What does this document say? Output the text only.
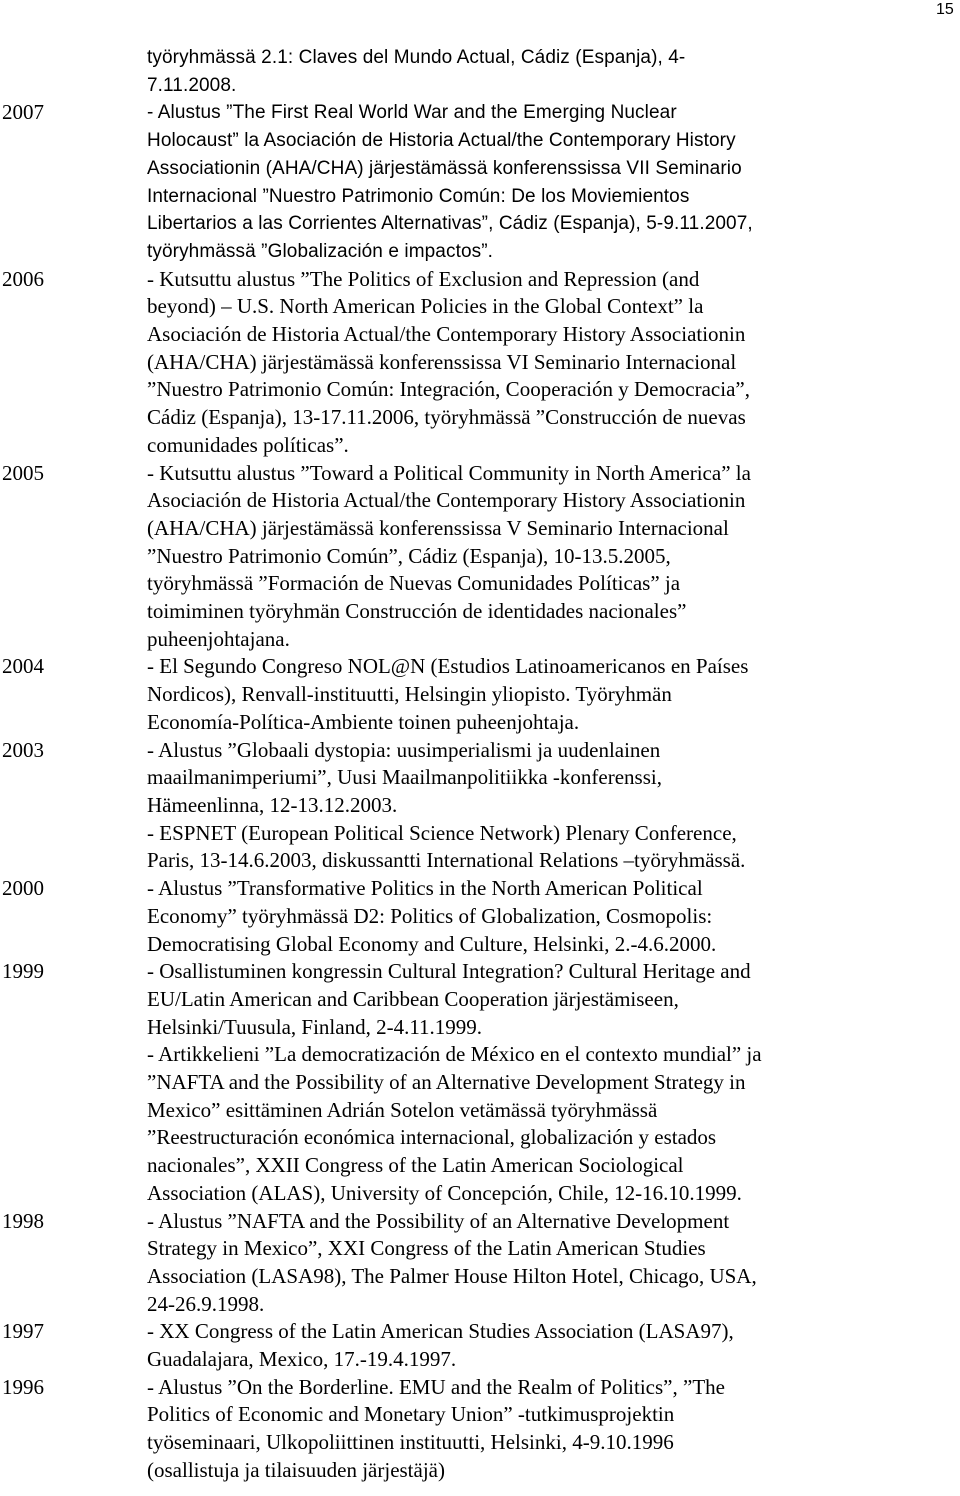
15
työryhmässä 2.1: Claves del Mundo Actual, Cádiz (Espanja), 4-
7.11.2008.
2007	- Alustus ”The First Real World War and the Emerging Nuclear
Holocaust” la Asociación de Historia Actual/the Contemporary History
Associationin (AHA/CHA) järjestämässä konferenssissa VII Seminario
Internacional ”Nuestro Patrimonio Común: De los Moviemientos
Libertarios a las Corrientes Alternativas”, Cádiz (Espanja), 5-9.11.2007,
työryhmässä ”Globalización e impactos”.
2006	- Kutsuttu alustus ”The Politics of Exclusion and Repression (and
beyond) – U.S. North American Policies in the Global Context” la
Asociación de Historia Actual/the Contemporary History Associationin
(AHA/CHA) järjestämässä konferenssissa VI Seminario Internacional
”Nuestro Patrimonio Común: Integración, Cooperación y Democracia”,
Cádiz (Espanja), 13-17.11.2006, työryhmässä ”Construcción de nuevas
comunidades políticas”.
2005	- Kutsuttu alustus ”Toward a Political Community in North America” la
Asociación de Historia Actual/the Contemporary History Associationin
(AHA/CHA) järjestämässä konferenssissa V Seminario Internacional
”Nuestro Patrimonio Común”, Cádiz (Espanja), 10-13.5.2005,
työryhmässä ”Formación de Nuevas Comunidades Políticas” ja
toimiminen työryhmän Construcción de identidades nacionales”
puheenjohtajana.
2004	- El Segundo Congreso NOL@N (Estudios Latinoamericanos en Países
Nordicos), Renvall-instituutti, Helsingin yliopisto. Työryhmän
Economía-Política-Ambiente toinen puheenjohtaja.
2003	- Alustus ”Globaali dystopia: uusimperialismi ja uudenlainen
maailmanimperiumi”, Uusi Maailmanpolitiikka -konferenssi,
Hämeenlinna, 12-13.12.2003.
- ESPNET (European Political Science Network) Plenary Conference,
Paris, 13-14.6.2003, diskussantti International Relations –työryhmässä.
2000	- Alustus ”Transformative Politics in the North American Political
Economy” työryhmässä D2: Politics of Globalization, Cosmopolis:
Democratising Global Economy and Culture, Helsinki, 2.-4.6.2000.
1999	- Osallistuminen kongressin Cultural Integration? Cultural Heritage and
EU/Latin American and Caribbean Cooperation järjestämiseen,
Helsinki/Tuusula, Finland, 2-4.11.1999.
- Artikkelieni ”La democratización de México en el contexto mundial” ja
”NAFTA and the Possibility of an Alternative Development Strategy in
Mexico” esittäminen Adrián Sotelon vetämässä työryhmässä
”Reestructuración económica internacional, globalización y estados
nacionales”, XXII Congress of the Latin American Sociological
Association (ALAS), University of Concepción, Chile, 12-16.10.1999.
1998	- Alustus ”NAFTA and the Possibility of an Alternative Development
Strategy in Mexico”, XXI Congress of the Latin American Studies
Association (LASA98), The Palmer House Hilton Hotel, Chicago, USA,
24-26.9.1998.
1997	- XX Congress of the Latin American Studies Association (LASA97),
Guadalajara, Mexico, 17.-19.4.1997.
1996	- Alustus ”On the Borderline. EMU and the Realm of Politics”, ”The
Politics of Economic and Monetary Union” -tutkimusprojektin
työseminaari, Ulkopoliittinen instituutti, Helsinki, 4-9.10.1996
(osallistuja ja tilaisuuden järjestäjä)
